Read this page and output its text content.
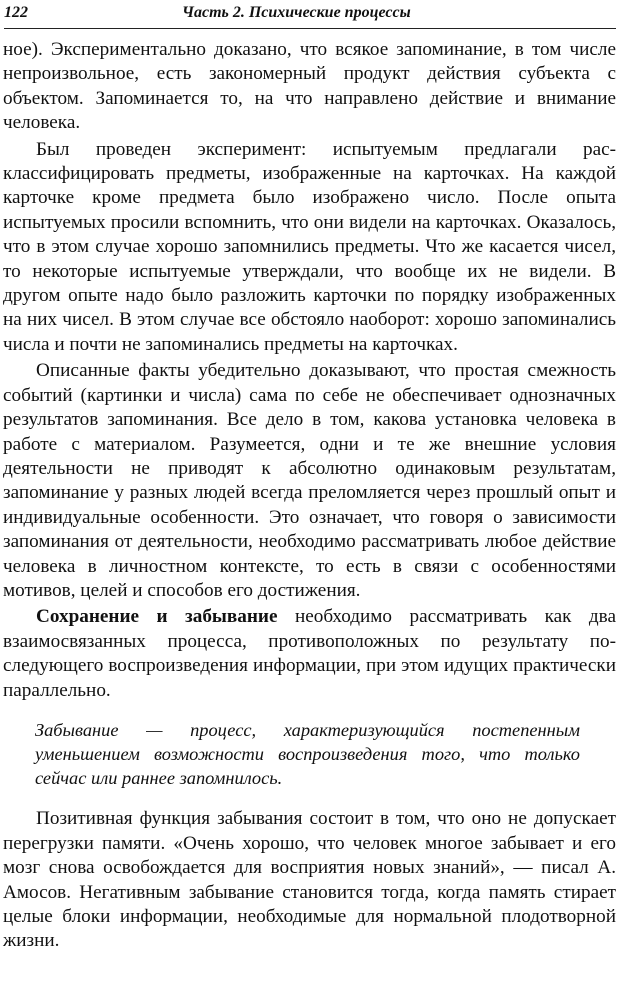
122	Часть 2. Психические процессы

ное). Экспериментально доказано, что всякое запоминание, в том числе непроизвольное, есть закономерный продукт действия субъекта с объектом. Запоминается то, на что направлено действие и внимание человека.

Был проведен эксперимент: испытуемым предлагали расклассифицировать предметы, изображенные на карточках. На каждой карточке кроме предмета было изображено число. После опыта испытуемых просили вспомнить, что они видели на карточках. Оказалось, что в этом случае хорошо запомнились предметы. Что же касается чисел, то некоторые испытуемые утверждали, что вообще их не видели. В другом опыте надо было разложить карточки по порядку изображенных на них чисел. В этом случае все обстояло наоборот: хорошо запоминались числа и почти не запоминались предметы на карточках.

Описанные факты убедительно доказывают, что простая смежность событий (картинки и числа) сама по себе не обеспечивает однозначных результатов запоминания. Все дело в том, какова установка человека в работе с материалом. Разумеется, одни и те же внешние условия деятельности не приводят к абсолютно одинаковым результатам, запоминание у разных людей всегда преломляется через прошлый опыт и индивидуальные особенности. Это означает, что говоря о зависимости запоминания от деятельности, необходимо рассматривать любое действие человека в личностном контексте, то есть в связи с особенностями мотивов, целей и способов его достижения.

Сохранение и забывание необходимо рассматривать как два взаимосвязанных процесса, противоположных по результату последующего воспроизведения информации, при этом идущих практически параллельно.

Забывание — процесс, характеризующийся постепенным уменьшением возможности воспроизведения того, что только сейчас или раннее запомнилось.

Позитивная функция забывания состоит в том, что оно не допускает перегрузки памяти. «Очень хорошо, что человек многое забывает и его мозг снова освобождается для восприятия новых знаний», — писал А. Амосов. Негативным забывание становится тогда, когда память стирает целые блоки информации, необходимые для нормальной плодотворной жизни.
